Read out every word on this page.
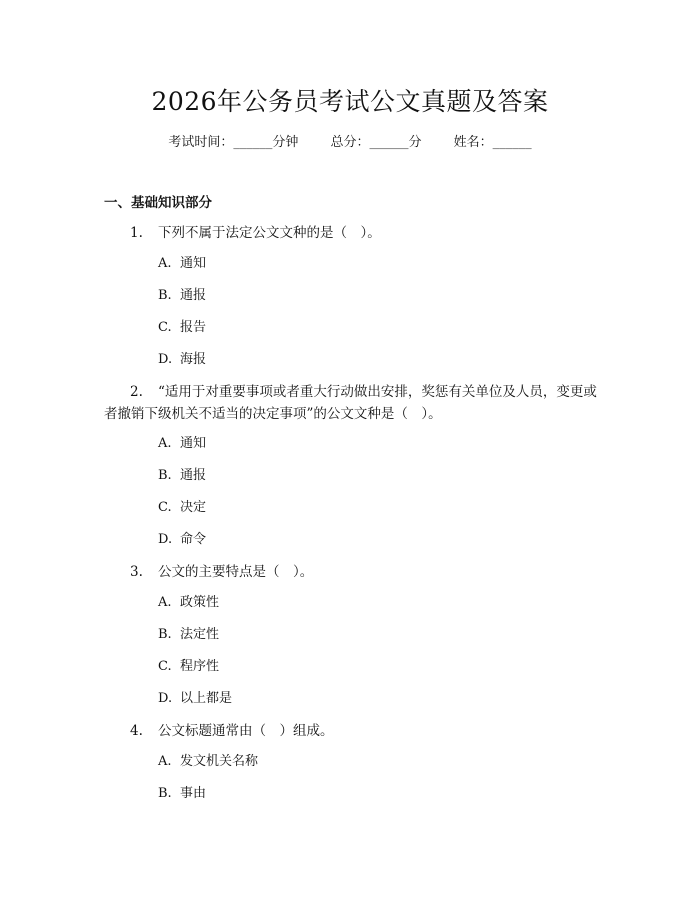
2026年公务员考试公文真题及答案
考试时间：______分钟 总分：______分 姓名：______
一、基础知识部分
1. 下列不属于法定公文文种的是（　）。
A. 通知
B. 通报
C. 报告
D. 海报
2. “适用于对重要事项或者重大行动做出安排，奖惩有关单位及人员，变更或者撤销下级机关不适当的决定事项”的公文文种是（　）。
A. 通知
B. 通报
C. 决定
D. 命令
3. 公文的主要特点是（　）。
A. 政策性
B. 法定性
C. 程序性
D. 以上都是
4. 公文标题通常由（　）组成。
A. 发文机关名称
B. 事由
